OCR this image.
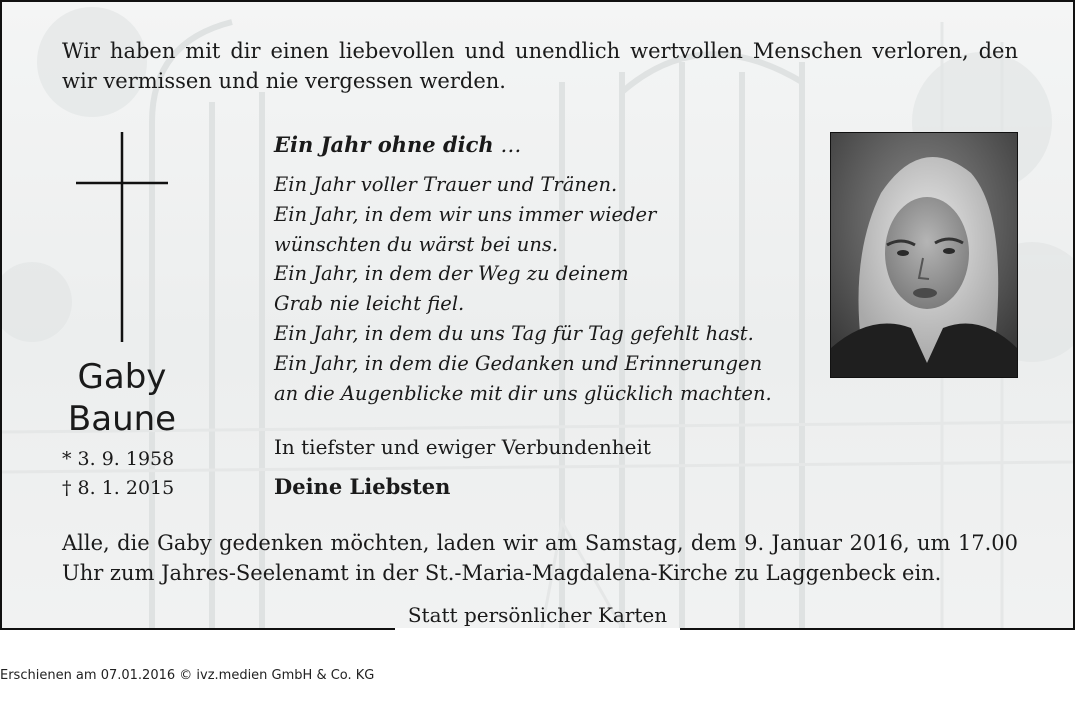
Wir haben mit dir einen liebevollen und unendlich wertvollen Menschen verloren, den wir vermissen und nie vergessen werden.
Gaby
Baune
* 3. 9. 1958
† 8. 1. 2015
Ein Jahr ohne dich …
Ein Jahr voller Trauer und Tränen.
Ein Jahr, in dem wir uns immer wieder
wünschten du wärst bei uns.
Ein Jahr, in dem der Weg zu deinem
Grab nie leicht fiel.
Ein Jahr, in dem du uns Tag für Tag gefehlt hast.
Ein Jahr, in dem die Gedanken und Erinnerungen
an die Augenblicke mit dir uns glücklich machten.
In tiefster und ewiger Verbundenheit
Deine Liebsten
Alle, die Gaby gedenken möchten, laden wir am Samstag, dem 9. Januar 2016, um 17.00 Uhr zum Jahres-Seelenamt in der St.-Maria-Magdalena-Kirche zu Laggenbeck ein.
Statt persönlicher Karten
Erschienen am 07.01.2016 © ivz.medien GmbH & Co. KG
